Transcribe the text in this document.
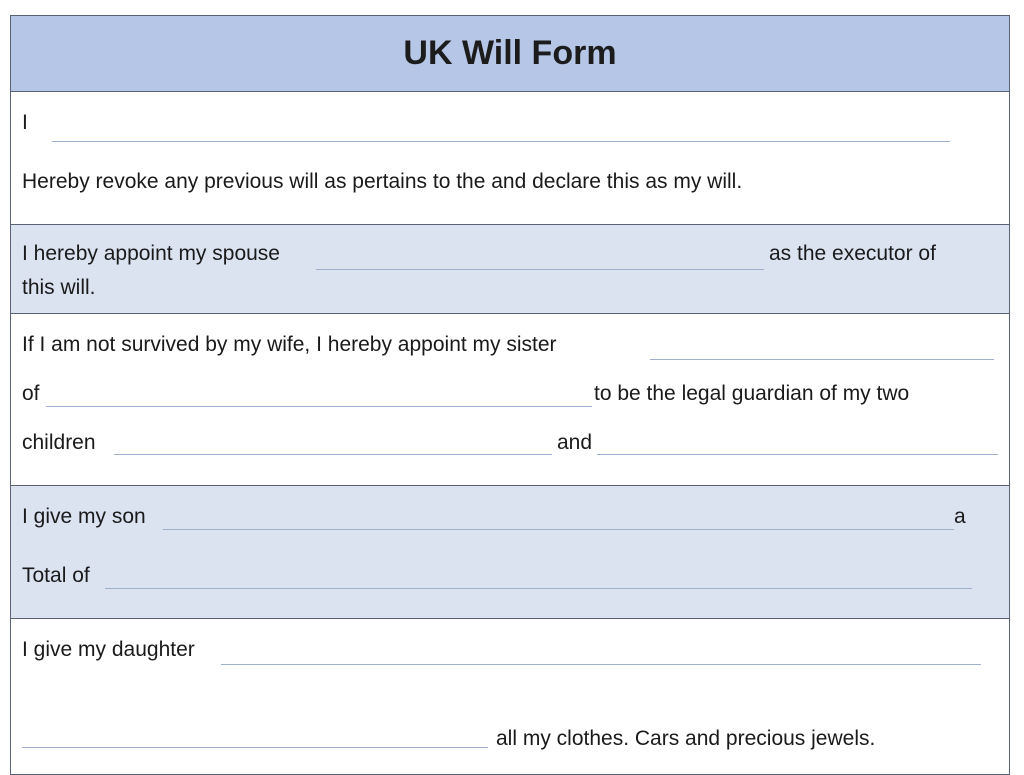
UK Will Form
I
Hereby revoke any previous will as pertains to the and declare this as my will.
I hereby appoint my spouse	as the executor of
this will.
If I am not survived by my wife, I hereby appoint my sister
of	to be the legal guardian of my two
children	and
I give my son	a
Total of
I give my daughter
all my clothes. Cars and precious jewels.
